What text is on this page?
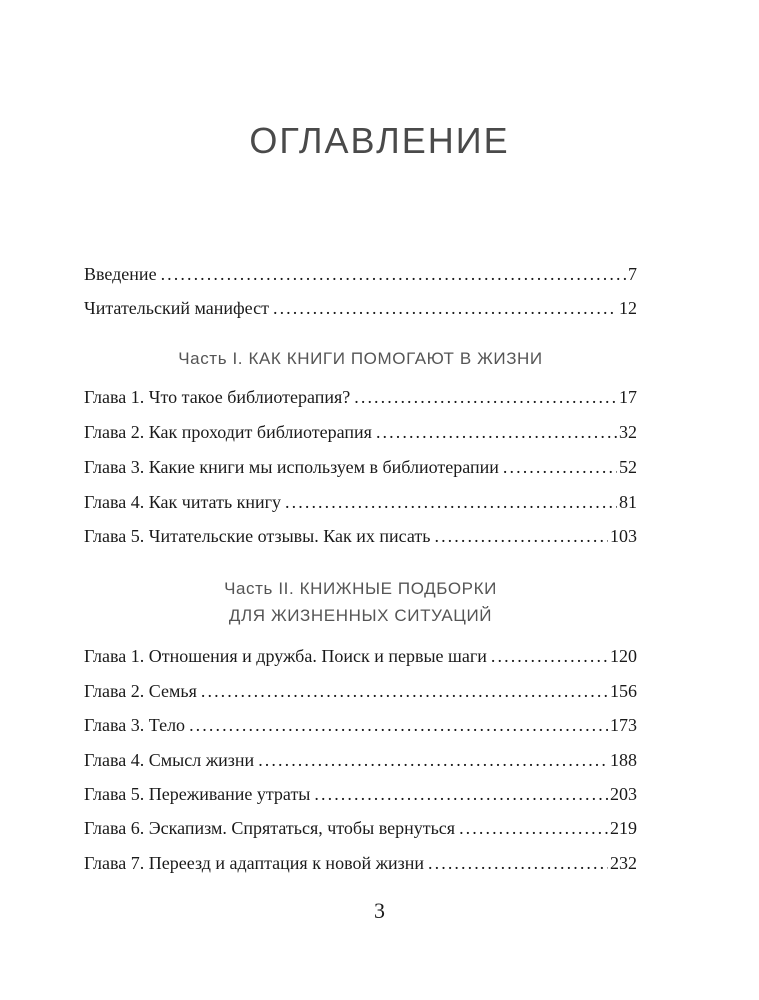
ОГЛАВЛЕНИЕ
Введение . . .	7
Читательский манифест . . .	12
Часть I. КАК КНИГИ ПОМОГАЮТ В ЖИЗНИ
Глава 1. Что такое библиотерапия? . . .	17
Глава 2. Как проходит библиотерапия . . .	32
Глава 3. Какие книги мы используем в библиотерапии . . .	52
Глава 4. Как читать книгу . . .	81
Глава 5. Читательские отзывы. Как их писать . . .	103
Часть II. КНИЖНЫЕ ПОДБОРКИ
ДЛЯ ЖИЗНЕННЫХ СИТУАЦИЙ
Глава 1. Отношения и дружба. Поиск и первые шаги . . .	120
Глава 2. Семья . . .	156
Глава 3. Тело . . .	173
Глава 4. Смысл жизни . . .	188
Глава 5. Переживание утраты . . .	203
Глава 6. Эскапизм. Спрятаться, чтобы вернуться . . .	219
Глава 7. Переезд и адаптация к новой жизни . . .	232
3
